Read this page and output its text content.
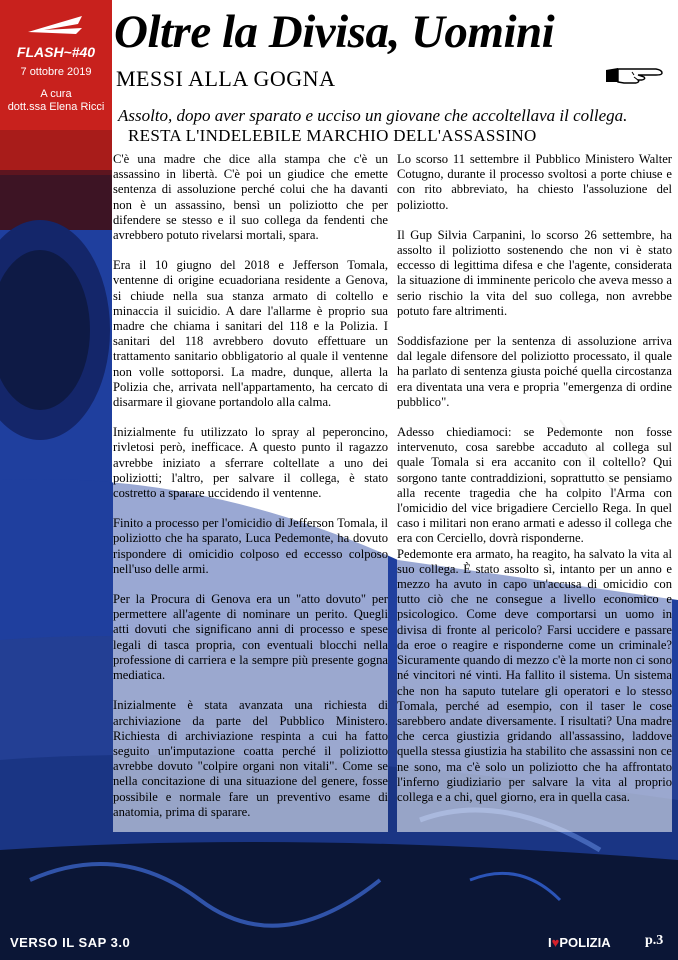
FLASH~#40
7 ottobre 2019
A cura
dott.ssa Elena Ricci
Oltre la Divisa, Uomini
MESSI ALLA GOGNA
Assolto, dopo aver sparato e ucciso un giovane che accoltellava il collega.
RESTA L'INDELEBILE MARCHIO DELL'ASSASSINO

C'è una madre che dice alla stampa che c'è un assassino in libertà. C'è poi un giudice che emette sentenza di assoluzione perché colui che ha davanti non è un assassino, bensì un poliziotto che per difendere se stesso e il suo collega da fendenti che avrebbero potuto rivelarsi mortali, spara.

Era il 10 giugno del 2018 e Jefferson Tomala, ventenne di origine ecuadoriana residente a Genova, si chiude nella sua stanza armato di coltello e minaccia il suicidio. A dare l'allarme è proprio sua madre che chiama i sanitari del 118 e la Polizia. I sanitari del 118 avrebbero dovuto effettuare un trattamento sanitario obbligatorio al quale il ventenne non volle sottoporsi. La madre, dunque, allerta la Polizia che, arrivata nell'appartamento, ha cercato di disarmare il giovane portandolo alla calma.

Inizialmente fu utilizzato lo spray al peperoncino, rivletosi però, inefficace. A questo punto il ragazzo avrebbe iniziato a sferrare coltellate a uno dei poliziotti; l'altro, per salvare il collega, è stato costretto a sparare uccidendo il ventenne.

Finito a processo per l'omicidio di Jefferson Tomala, il poliziotto che ha sparato, Luca Pedemonte, ha dovuto rispondere di omicidio colposo ed eccesso colposo nell'uso delle armi.

Per la Procura di Genova era un "atto dovuto" per permettere all'agente di nominare un perito. Quegli atti dovuti che significano anni di processo e spese legali di tasca propria, con eventuali blocchi nella professione di carriera e la sempre più presente gogna mediatica.

Inizialmente è stata avanzata una richiesta di archiviazione da parte del Pubblico Ministero. Richiesta di archiviazione respinta a cui ha fatto seguito un'imputazione coatta perché il poliziotto avrebbe dovuto "colpire organi non vitali". Come se nella concitazione di una situazione del genere, fosse possibile e normale fare un preventivo esame di anatomia, prima di sparare.

Lo scorso 11 settembre il Pubblico Ministero Walter Cotugno, durante il processo svoltosi a porte chiuse e con rito abbreviato, ha chiesto l'assoluzione del poliziotto.

Il Gup Silvia Carpanini, lo scorso 26 settembre, ha assolto il poliziotto sostenendo che non vi è stato eccesso di legittima difesa e che l'agente, considerata la situazione di imminente pericolo che aveva messo a serio rischio la vita del suo collega, non avrebbe potuto fare altrimenti.

Soddisfazione per la sentenza di assoluzione arriva dal legale difensore del poliziotto processato, il quale ha parlato di sentenza giusta poiché quella circostanza era diventata una vera e propria "emergenza di ordine pubblico".

Adesso chiediamoci: se Pedemonte non fosse intervenuto, cosa sarebbe accaduto al collega sul quale Tomala si era accanito con il coltello? Qui sorgono tante contraddizioni, soprattutto se pensiamo alla recente tragedia che ha colpito l'Arma con l'omicidio del vice brigadiere Cerciello Rega. In quel caso i militari non erano armati e adesso il collega che era con Cerciello, dovrà risponderne.

Pedemonte era armato, ha reagito, ha salvato la vita al suo collega. È stato assolto sì, intanto per un anno e mezzo ha avuto in capo un'accusa di omicidio con tutto ciò che ne consegue a livello economico e psicologico. Come deve comportarsi un uomo in divisa di fronte al pericolo? Farsi uccidere e passare da eroe o reagire e risponderne come un criminale? Sicuramente quando di mezzo c'è la morte non ci sono né vincitori né vinti. Ha fallito il sistema. Un sistema che non ha saputo tutelare gli operatori e lo stesso Tomala, perché ad esempio, con il taser le cose sarebbero andate diversamente. I risultati? Una madre che cerca giustizia gridando all'assassino, laddove quella stessa giustizia ha stabilito che assassini non ce ne sono, ma c'è solo un poliziotto che ha affrontato l'inferno giudiziario per salvare la vita al proprio collega e a chi, quel giorno, era in quella casa.

VERSO IL SAP 3.0	I♥POLIZIA p.3
